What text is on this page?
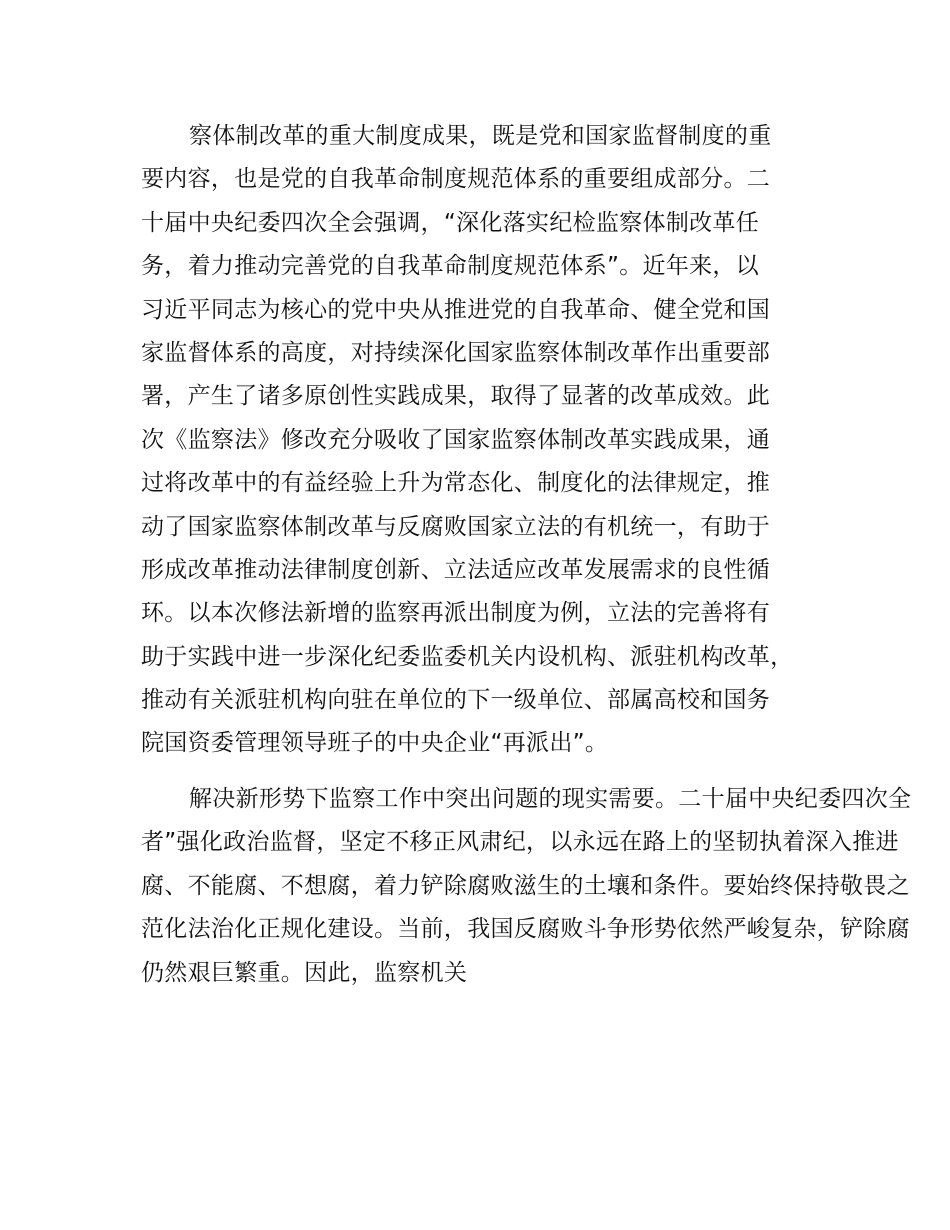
察体制改革的重大制度成果，既是党和国家监督制度的重
要内容，也是党的自我革命制度规范体系的重要组成部分。二
十届中央纪委四次全会强调，“深化落实纪检监察体制改革任
务，着力推动完善党的自我革命制度规范体系”。近年来，以
习近平同志为核心的党中央从推进党的自我革命、健全党和国
家监督体系的高度，对持续深化国家监察体制改革作出重要部
署，产生了诸多原创性实践成果，取得了显著的改革成效。此
次《监察法》修改充分吸收了国家监察体制改革实践成果，通
过将改革中的有益经验上升为常态化、制度化的法律规定，推
动了国家监察体制改革与反腐败国家立法的有机统一，有助于
形成改革推动法律制度创新、立法适应改革发展需求的良性循
环。以本次修法新增的监察再派出制度为例，立法的完善将有
助于实践中进一步深化纪委监委机关内设机构、派驻机构改革，
推动有关派驻机构向驻在单位的下一级单位、部属高校和国务
院国资委管理领导班子的中央企业“再派出”。
解决新形势下监察工作中突出问题的现实需要。二十届中央纪委四次全
者”强化政治监督，坚定不移正风肃纪，以永远在路上的坚韧执着深入推进
腐、不能腐、不想腐，着力铲除腐败滋生的土壤和条件。要始终保持敬畏之
范化法治化正规化建设。当前，我国反腐败斗争形势依然严峻复杂，铲除腐
仍然艰巨繁重。因此，监察机关
